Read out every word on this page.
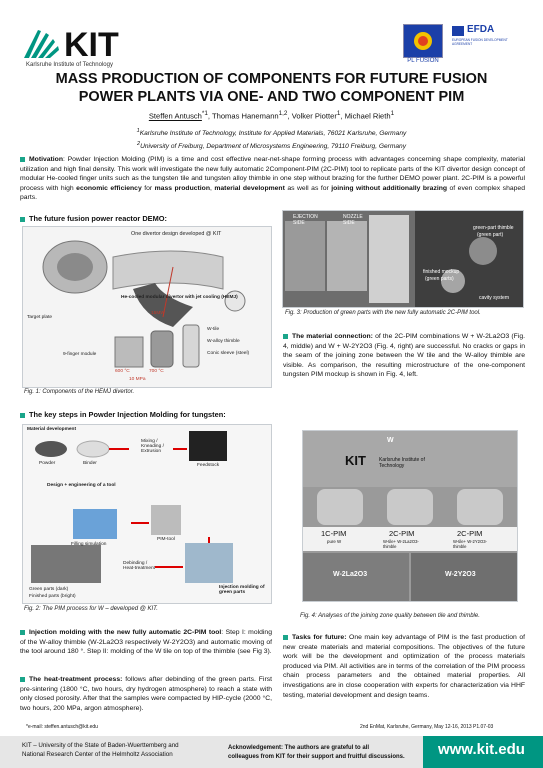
KIT
Karlsruhe Institute of Technology
PL FUSION
EFDA
EUROPEAN FUSION DEVELOPMENT AGREEMENT
MASS PRODUCTION OF COMPONENTS FOR FUTURE FUSION
POWER PLANTS VIA ONE- AND TWO COMPONENT PIM
Steffen Antusch$^{*1}$, Thomas Hanemann$^{1,2}$, Volker Piotter$^1$, Michael Rieth$^1$
$^1$Karlsruhe Institute of Technology, Institute for Applied Materials, 76021 Karlsruhe, Germany
$^2$University of Freiburg, Department of Microsystems Engineering, 79110 Freiburg, Germany
Motivation: Powder Injection Molding (PIM) is a time and cost effective near-net-shape forming process with advantages concerning shape complexity, material utilization and high final density. This work will investigate the new fully automatic 2Component-PIM (2C-PIM) tool to replicate parts of the KIT divertor design concept of modular He-cooled finger units such as the tungsten tile and tungsten alloy thimble in one step without brazing for the further DEMO power plant. 2C-PIM is a powerful process with high economic efficiency for mass production, material development as well as for joining without additionally brazing of even complex shaped parts.
The future fusion power reactor DEMO:
One divertor design developed @ KIT
He-cooled modular divertor with jet cooling (HEMJ)
Target plate
9-finger module
W-tile
W-alloy thimble
Conic sleeve (steel)
15MW
600 °C	700 °C
10 MPa
Fig. 1: Components of the HEMJ divertor.
EJECTION SIDE
NOZZLE SIDE
green-part thimble
(green part)
finished mockup
(green parts)
cavity system
Fig. 3: Production of green parts with the new fully automatic 2C-PIM tool.
The material connection: of the 2C-PIM combinations W + W-2La2O3 (Fig. 4, middle) and W + W-2Y2O3 (Fig. 4, right) are successful. No cracks or gaps in the seam of the joining zone between the W tile and the W-alloy thimble are visible. As comparison, the resulting microstructure of the one-component tungsten PIM mockup is shown in Fig. 4, left.
The key steps in Powder Injection Molding for tungsten:
Material development
Powder	Binder
Mixing / Kneading / Extrusion
Feedstock
Design + engineering of a tool
Filling simulation
PIM-tool
Debinding / Heat-treatment
Green parts (dark)
Finished parts (bright)
Injection molding of green parts
Fig. 2: The PIM process for W – developed @ KIT.
W
KIT	Karlsruhe Institute of Technology
1C-PIM
pure W
2C-PIM
W-tile+ W-2La2O3-thimble
2C-PIM
W-tile+ W-2Y2O3-thimble
W-2La2O3	W-2Y2O3
Fig. 4: Analyses of the joining zone quality between tile and thimble.
Injection molding with the new fully automatic 2C-PIM tool: Step I: molding of the W-alloy thimble (W-2La2O3 respectively W-2Y2O3) and automatic moving of the tool around 180 °. Step II: molding of the W tile on top of the thimble (see Fig 3).
The heat-treatment process: follows after debinding of the green parts. First pre-sintering (1800 °C, two hours, dry hydrogen atmosphere) to reach a state with only closed porosity. After that the samples were compacted by HIP-cycle (2000 °C, two hours, 200 MPa, argon atmosphere).
Tasks for future: One main key advantage of PIM is the fast production of new create materials and material compositions. The objectives of the future work will be the development and optimization of the process materials produced via PIM. All activities are in terms of the correlation of the PIM process chain process parameters and the obtained material properties. All investigations are in close cooperation with experts for characterization via HHF testing, material development and design teams.
*e-mail: steffen.antusch@kit.edu	2nd EnMat, Karlsruhe, Germany, May 12-16, 2013 P1.07-03
KIT – University of the State of Baden-Wuerttemberg and
National Research Center of the Helmholtz Association
Acknowledgement: The authors are grateful to all
colleagues from KIT for their support and fruitful discussions. www.kit.edu
